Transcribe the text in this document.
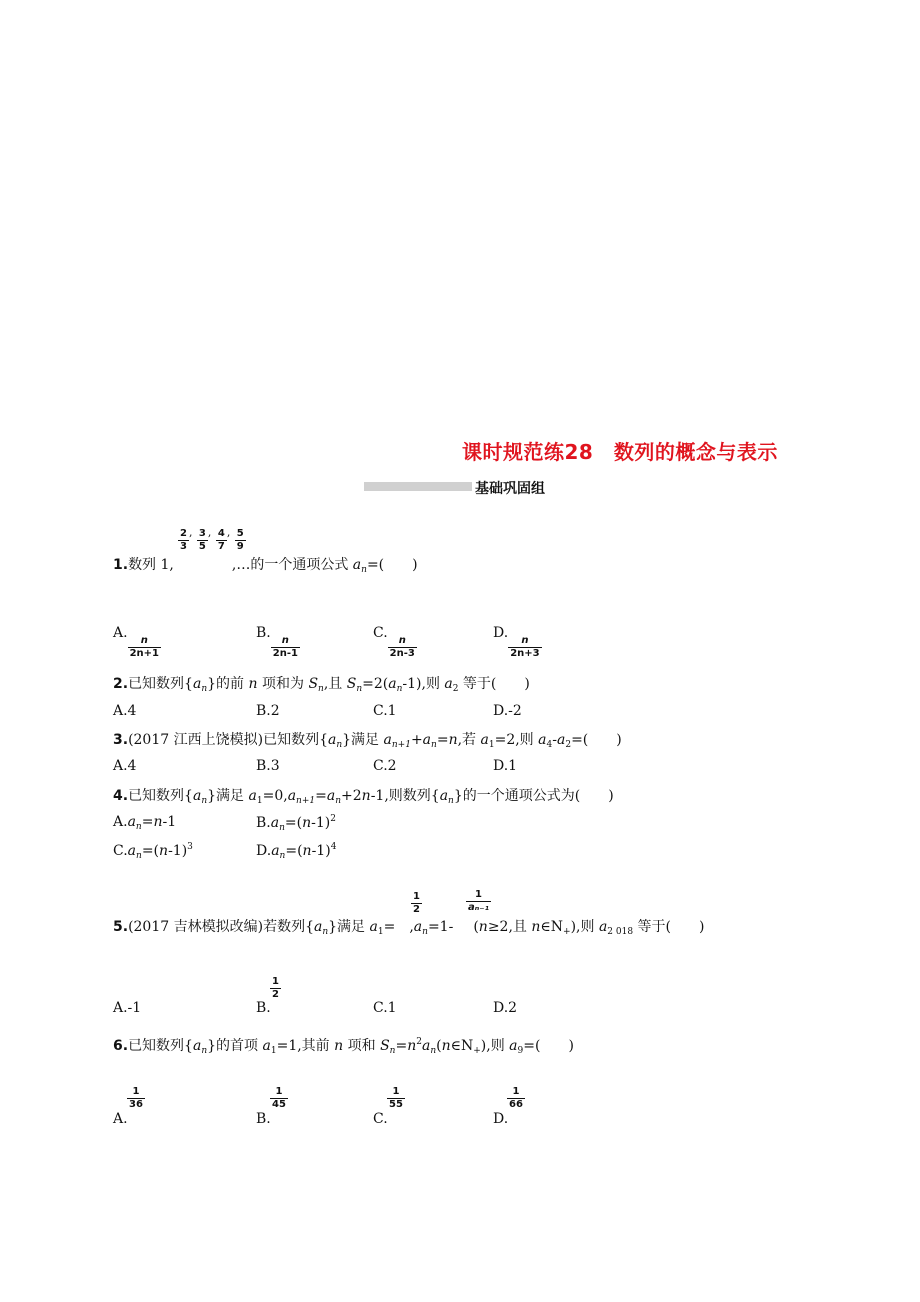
课时规范练28　数列的概念与表示
基础巩固组
$\frac{2}{3}$ , $\frac{3}{5}$ , $\frac{4}{7}$ , $\frac{5}{9}$
1.数列 1,	,…的一个通项公式 $a_n=$(　　)
A.
$\frac{n}{2n+1}$
B.
$\frac{n}{2n-1}$
C.
$\frac{n}{2n-3}$
D.
$\frac{n}{2n+3}$
2.已知数列$\{a_n\}$的前 n 项和为 $S_n$,且 $S_n=2(a_n-1)$,则 $a_2$ 等于(　　)
A.4	B.2	C.1	D.-2
3.(2017 江西上饶模拟)已知数列$\{a_n\}$满足 $a_{n+1}+a_n=n$,若 $a_1=2$,则 $a_4-a_2=$(　　)
A.4	B.3	C.2	D.1
4.已知数列$\{a_n\}$满足 $a_1=0,a_{n+1}=a_n+2n-1$,则数列$\{a_n\}$的一个通项公式为(　　)
$A.a_n=n-1$	$B.a_n=(n-1)^2$
$C.a_n=(n-1)^3$	$D.a_n=(n-1)^4$
$\frac{1}{2}$	$\frac{1}{\text{aₙ₋₁}}$
5.(2017 吉林模拟改编)若数列$\{a_n\}$满足 $a_1= ,a_n=1-$ (n≥2,且 $n\in N_+$),则 $a_{2 018}$ 等于(　　)
A.-1	B.
$\frac{1}{2}$
C.1	D.2
6.已知数列$\{a_n\}$的首项 $a_1=1$,其前 n 项和 $S_n=n^2a_n(n\in N_+)$,则 $a_9=$(　　)
$\frac{1}{36}$
A.
$\frac{1}{45}$
B.
$\frac{1}{55}$
C.
$\frac{1}{66}$
D.
